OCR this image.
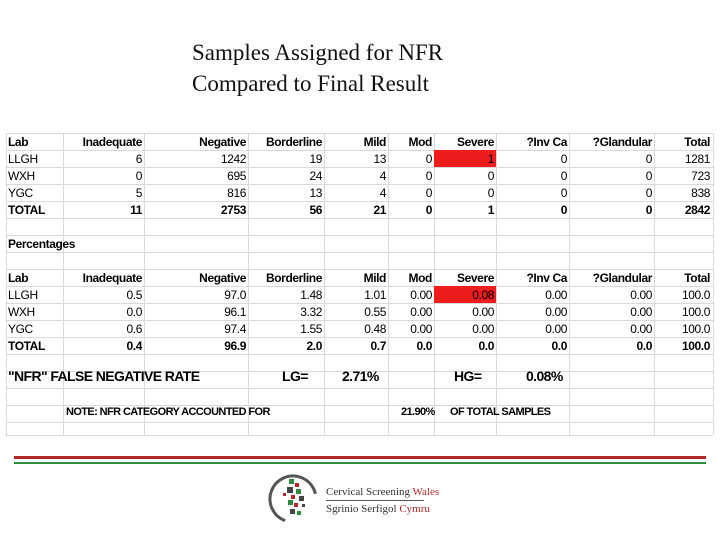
Samples Assigned for NFR
Compared to Final Result
Lab	Inadequate	Negative	Borderline	Mild	Mod	Severe	?Inv Ca	?Glandular	Total
LLGH	6	1242	19	13	0	1	0	0	1281
WXH	0	695	24	4	0	0	0	0	723
YGC	5	816	13	4	0	0	0	0	838
TOTAL	11	2753	56	21	0	1	0	0	2842
Percentages
Lab	Inadequate	Negative	Borderline	Mild	Mod	Severe	?Inv Ca	?Glandular	Total
LLGH	0.5	97.0	1.48	1.01	0.00	0.08	0.00	0.00	100.0
WXH	0.0	96.1	3.32	0.55	0.00	0.00	0.00	0.00	100.0
YGC	0.6	97.4	1.55	0.48	0.00	0.00	0.00	0.00	100.0
TOTAL	0.4	96.9	2.0	0.7	0.0	0.0	0.0	0.0	100.0
"NFR" FALSE NEGATIVE RATE	LG= 2.71%	HG=	0.08%
NOTE: NFR CATEGORY ACCOUNTED FOR	21.90% OF TOTAL SAMPLES
Cervical Screening Wales
Sgrinio Serfigol Cymru
